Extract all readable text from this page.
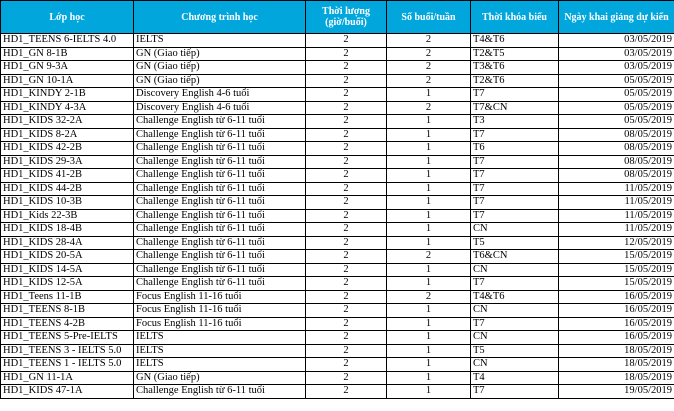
Lớp học	Chương trình học	Thời lượng (giờ/buổi)	Số buổi/tuần	Thời khóa biểu	Ngày khai giảng dự kiến
HD1_TEENS 6-IELTS 4.0	IELTS	2	2	T4&T6	03/05/2019
HD1_GN 8-1B	GN (Giao tiếp)	2	2	T2&T5	03/05/2019
HD1_GN 9-3A	GN (Giao tiếp)	2	2	T3&T6	03/05/2019
HD1_GN 10-1A	GN (Giao tiếp)	2	2	T2&T6	05/05/2019
HD1_KINDY 2-1B	Discovery English 4-6 tuổi	2	1	T7	05/05/2019
HD1_KINDY 4-3A	Discovery English 4-6 tuổi	2	2	T7&CN	05/05/2019
HD1_KIDS 32-2A	Challenge English từ 6-11 tuổi	2	1	T3	05/05/2019
HD1_KIDS 8-2A	Challenge English từ 6-11 tuổi	2	1	T7	08/05/2019
HD1_KIDS 42-2B	Challenge English từ 6-11 tuổi	2	1	T6	08/05/2019
HD1_KIDS 29-3A	Challenge English từ 6-11 tuổi	2	1	T7	08/05/2019
HD1_KIDS 41-2B	Challenge English từ 6-11 tuổi	2	1	T7	08/05/2019
HD1_KIDS 44-2B	Challenge English từ 6-11 tuổi	2	1	T7	11/05/2019
HD1_KIDS 10-3B	Challenge English từ 6-11 tuổi	2	1	T7	11/05/2019
HD1_Kids 22-3B	Challenge English từ 6-11 tuổi	2	1	T7	11/05/2019
HD1_KIDS 18-4B	Challenge English từ 6-11 tuổi	2	1	CN	11/05/2019
HD1_KIDS 28-4A	Challenge English từ 6-11 tuổi	2	1	T5	12/05/2019
HD1_KIDS 20-5A	Challenge English từ 6-11 tuổi	2	2	T6&CN	15/05/2019
HD1_KIDS 14-5A	Challenge English từ 6-11 tuổi	2	1	CN	15/05/2019
HD1_KIDS 12-5A	Challenge English từ 6-11 tuổi	2	1	T7	15/05/2019
HD1_Teens 11-1B	Focus English 11-16 tuổi	2	2	T4&T6	16/05/2019
HD1_TEENS 8-1B	Focus English 11-16 tuổi	2	1	CN	16/05/2019
HD1_TEENS 4-2B	Focus English 11-16 tuổi	2	1	T7	16/05/2019
HD1_TEENS 5-Pre-IELTS	IELTS	2	1	CN	16/05/2019
HD1_TEENS 3 - IELTS 5.0	IELTS	2	1	T5	18/05/2019
HD1_TEENS 1 - IELTS 5.0	IELTS	2	1	CN	18/05/2019
HD1_GN 11-1A	GN (Giao tiếp)	2	1	T4	18/05/2019
HD1_KIDS 47-1A	Challenge English từ 6-11 tuổi	2	1	T7	19/05/2019
